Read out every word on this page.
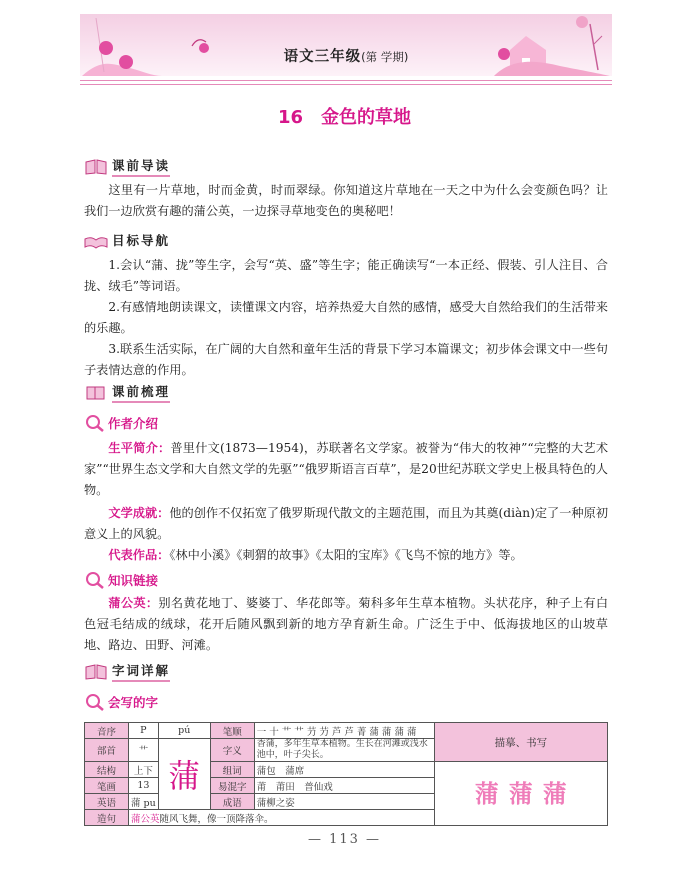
语文三年级(第 学期)
16 金色的草地
课前导读
这里有一片草地，时而金黄，时而翠绿。你知道这片草地在一天之中为什么会变颜色吗？让我们一边欣赏有趣的蒲公英，一边探寻草地变色的奥秘吧！
目标导航
1.会认“蒲、拢”等生字，会写“英、盛”等生字；能正确读写“一本正经、假装、引人注目、合拢、绒毛”等词语。
2.有感情地朗读课文，读懂课文内容，培养热爱大自然的感情，感受大自然给我们的生活带来的乐趣。
3.联系生活实际，在广阔的大自然和童年生活的背景下学习本篇课文；初步体会课文中一些句子表情达意的作用。
课前梳理
作者介绍
生平简介：普里什文(1873—1954)，苏联著名文学家。被誉为“伟大的牧神”“完整的大艺术家”“世界生态文学和大自然文学的先驱”“俄罗斯语言百草”，是20世纪苏联文学史上极具特色的人物。
文学成就：他的创作不仅拓宽了俄罗斯现代散文的主题范围，而且为其奠(diàn)定了一种原初意义上的风貌。
代表作品：《林中小溪》《刺猬的故事》《太阳的宝库》《飞鸟不惊的地方》等。
知识链接
蒲公英：别名黄花地丁、婆婆丁、华花郎等。菊科多年生草本植物。头状花序，种子上有白色冠毛结成的绒球，花开后随风飘到新的地方孕育新生命。广泛生于中、低海拔地区的山坡草地、路边、田野、河滩。
字词详解
会写的字
音序	P	pú	笔顺	一 十 艹 艹 芀 芀 芦 芦 菁 蒲 蒲 蒲 蒲	描摹、书写
部首	艹	蒲	字义	香蒲，多年生草本植物。生长在河滩或浅水池中，叶子尖长。	
结构	上下		组词	蒲包　蒲席	蒲 蒲 蒲
笔画	13		易混字	莆　莆田　普仙戏	
英语	蒲 pu		成语	蒲柳之姿	
造句	蒲公英随风飞舞，像一顶降落伞。				
— 113 —
